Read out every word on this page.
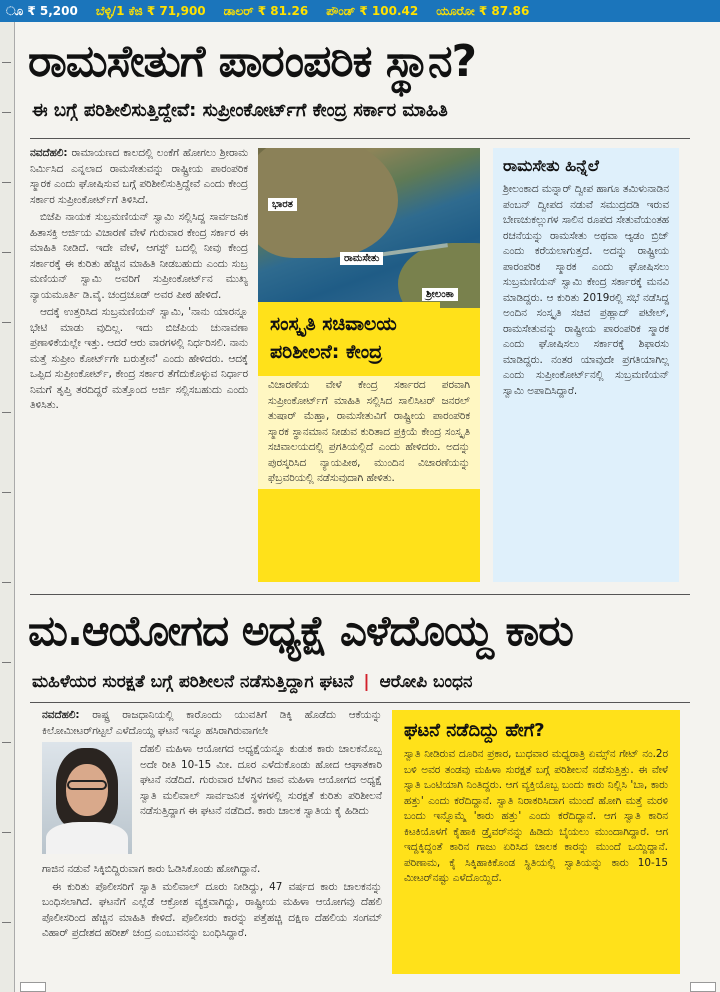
ೂ ₹ 5,200 ಬೆಳ್ಳಿ/1 ಕೆಜಿ ₹ 71,900 ಡಾಲರ್ ₹ 81.26 ಪೌಂಡ್ ₹ 100.42 ಯೂರೋ ₹ 87.86
ರಾಮಸೇತುಗೆ ಪಾರಂಪರಿಕ ಸ್ಥಾನ?
ಈ ಬಗ್ಗೆ ಪರಿಶೀಲಿಸುತ್ತಿದ್ದೇವೆ: ಸುಪ್ರೀಂಕೋರ್ಟ್‌ಗೆ ಕೇಂದ್ರ ಸರ್ಕಾರ ಮಾಹಿತಿ

ನವದೆಹಲಿ: ರಾಮಾಯಣದ ಕಾಲದಲ್ಲಿ ಲಂಕೆಗೆ ಹೋಗಲು ಶ್ರೀರಾಮ ನಿರ್ಮಿಸಿದ ಎನ್ನಲಾದ ರಾಮಸೇತುವನ್ನು ರಾಷ್ಟ್ರೀಯ ಪಾರಂಪರಿಕ ಸ್ಮಾರಕ ಎಂದು ಘೋಷಿಸುವ ಬಗ್ಗೆ ಪರಿಶೀಲಿಸುತ್ತಿದ್ದೇವೆ ಎಂದು ಕೇಂದ್ರ ಸರ್ಕಾರ ಸುಪ್ರೀಂಕೋರ್ಟ್‌ಗೆ ತಿಳಿಸಿದೆ.

ಬಿಜೆಪಿ ನಾಯಕ ಸುಬ್ರಮಣಿಯನ್ ಸ್ವಾಮಿ ಸಲ್ಲಿಸಿದ್ದ ಸಾರ್ವಜನಿಕ ಹಿತಾಸಕ್ತಿ ಅರ್ಜಿಯ ವಿಚಾರಣೆ ವೇಳೆ ಗುರುವಾರ ಕೇಂದ್ರ ಸರ್ಕಾರ ಈ ಮಾಹಿತಿ ನೀಡಿದೆ. ಇದೇ ವೇಳೆ, ಆಗಸ್ಟ್ ಬದಲ್ಲಿ ನೀವು ಕೇಂದ್ರ ಸರ್ಕಾರಕ್ಕೆ ಈ ಕುರಿತು ಹೆಚ್ಚಿನ ಮಾಹಿತಿ ನೀಡಬಹುದು ಎಂದು ಸುಬ್ರ ಮಣಿಯನ್ ಸ್ವಾಮಿ ಅವರಿಗೆ ಸುಪ್ರೀಂಕೋರ್ಟ್‌ನ ಮುಖ್ಯ ನ್ಯಾಯಮೂರ್ತಿ ಡಿ.ವೈ. ಚಂದ್ರಚೂಡ್ ಅವರ ಪೀಠ ಹೇಳಿದೆ.

ಆದಕ್ಕೆ ಉತ್ತರಿಸಿದ ಸುಬ್ರಮಣಿಯನ್ ಸ್ವಾಮಿ, 'ನಾನು ಯಾರನ್ನೂ ಭೇಟಿ ಮಾಡು ವುದಿಲ್ಲ. ಇದು ಬಿಜೆಪಿಯ ಚುನಾವಣಾ ಪ್ರಣಾಳಿಕೆಯಲ್ಲೇ ಇತ್ತು. ಆದರೆ ಆರು ವಾರಗಳಲ್ಲಿ ನಿರ್ಧರಿಸಲಿ. ನಾನು ಮತ್ತೆ ಸುಪ್ರೀಂ ಕೋರ್ಟ್‌ಗೇ ಬರುತ್ತೇನೆ' ಎಂದು ಹೇಳಿದರು. ಆದಕ್ಕೆ ಒಪ್ಪಿದ ಸುಪ್ರೀಂಕೋರ್ಟ್, ಕೇಂದ್ರ ಸರ್ಕಾರ ತೆಗೆದುಕೊಳ್ಳುವ ನಿರ್ಧಾರ ನಿಮಗೆ ತೃಪ್ತಿ ತರದಿದ್ದರೆ ಮತ್ತೊಂದ ಅರ್ಜಿ ಸಲ್ಲಿಸಬಹುದು ಎಂದು ತಿಳಿಸಿತು.

ಭಾರತ
ರಾಮಸೇತು
ಶ್ರೀಲಂಕಾ
ಸಂಸ್ಕೃತಿ ಸಚಿವಾಲಯ ಪರಿಶೀಲನೆ: ಕೇಂದ್ರ
ವಿಚಾರಣೆಯ ವೇಳೆ ಕೇಂದ್ರ ಸರ್ಕಾರದ ಪರವಾಗಿ ಸುಪ್ರೀಂಕೋರ್ಟ್‌ಗೆ ಮಾಹಿತಿ ಸಲ್ಲಿಸಿದ ಸಾಲಿಸಿಟರ್ ಜನರಲ್ ತುಷಾರ್ ಮೆಹ್ತಾ, ರಾಮಸೇತುವಿಗೆ ರಾಷ್ಟ್ರೀಯ ಪಾರಂಪರಿಕ ಸ್ಮಾರಕ ಸ್ಥಾನಮಾನ ನೀಡುವ ಕುರಿತಾದ ಪ್ರಕ್ರಿಯೆ ಕೇಂದ್ರ ಸಂಸ್ಕೃತಿ ಸಚಿವಾಲಯದಲ್ಲಿ ಪ್ರಗತಿಯಲ್ಲಿದೆ ಎಂದು ಹೇಳಿದರು. ಅದನ್ನು ಪುರಸ್ಕರಿಸಿದ ನ್ಯಾಯಪೀಠ, ಮುಂದಿನ ವಿಚಾರಣೆಯನ್ನು ಫೆಬ್ರವರಿಯಲ್ಲಿ ನಡೆಸುವುದಾಗಿ ಹೇಳಿತು.
ರಾಮಸೇತು ಹಿನ್ನೆಲೆ
ಶ್ರೀಲಂಕಾದ ಮನ್ನಾರ್ ದ್ವೀಪ ಹಾಗೂ ತಮಿಳುನಾಡಿನ ಪಂಬನ್ ದ್ವೀಪದ ನಡುವೆ ಸಮುದ್ರದಡಿ ಇರುವ ಬೇಣಚುಕಲ್ಲುಗಳ ಸಾಲಿನ ರೂಪದ ಸೇತುವೆಯಂತಹ ರಚನೆಯನ್ನು ರಾಮಸೇತು ಅಥವಾ ಆ್ಯಡಂ ಬ್ರಿಜ್ ಎಂದು ಕರೆಯಲಾಗುತ್ತದೆ. ಅದನ್ನು ರಾಷ್ಟ್ರೀಯ ಪಾರಂಪರಿಕ ಸ್ಮಾರಕ ಎಂದು ಘೋಷಿಸಲು ಸುಬ್ರಮಣಿಯನ್ ಸ್ವಾಮಿ ಕೇಂದ್ರ ಸರ್ಕಾರಕ್ಕೆ ಮನವಿ ಮಾಡಿದ್ದರು. ಆ ಕುರಿತು 2019ರಲ್ಲಿ ಸಭೆ ನಡೆಸಿದ್ದ ಅಂದಿನ ಸಂಸ್ಕೃತಿ ಸಚಿವ ಪ್ರಹ್ಲಾದ್ ಪಟೇಲ್, ರಾಮಸೇತುವನ್ನು ರಾಷ್ಟ್ರೀಯ ಪಾರಂಪರಿಕ ಸ್ಮಾರಕ ಎಂದು ಘೋಷಿಸಲು ಸರ್ಕಾರಕ್ಕೆ ಶಿಫಾರಸು ಮಾಡಿದ್ದರು. ನಂತರ ಯಾವುದೇ ಪ್ರಗತಿಯಾಗಿಲ್ಲ ಎಂದು ಸುಪ್ರೀಂಕೋರ್ಟ್‌ನಲ್ಲಿ ಸುಬ್ರಮಣಿಯನ್ ಸ್ವಾಮಿ ಅಪಾದಿಸಿದ್ದಾರೆ.
ಮ.ಆಯೋಗದ ಅಧ್ಯಕ್ಷೆ ಎಳೆದೊಯ್ದ ಕಾರು
ಮಹಿಳೆಯರ ಸುರಕ್ಷತೆ ಬಗ್ಗೆ ಪರಿಶೀಲನೆ ನಡೆಸುತ್ತಿದ್ದಾಗ ಘಟನೆ | ಆರೋಪಿ ಬಂಧನ

ನವದೆಹಲಿ: ರಾಷ್ಟ್ರ ರಾಜಧಾನಿಯಲ್ಲಿ ಕಾರೊಂದು ಯುವತಿಗೆ ಡಿಕ್ಕಿ ಹೊಡೆದು ಆಕೆಯನ್ನು ಕಿಲೋಮೀಟರ್‌ಗಟ್ಟಲೆ ಎಳೆದೊಯ್ದ ಘಟನೆ ಇನ್ನೂ ಹಸಿರಾಗಿರುವಾಗಲೇ

ದೆಹಲಿ ಮಹಿಳಾ ಆಯೋಗದ ಅಧ್ಯಕ್ಷೆಯನ್ನೂ ಕುಡುಕ ಕಾರು ಚಾಲಕನೊಬ್ಬ ಅದೇ ರೀತಿ 10-15 ಮೀ. ದೂರ ಎಳೆದುಕೊಂಡು ಹೋದ ಆಘಾತಕಾರಿ ಘಟನೆ ನಡೆದಿದೆ. ಗುರುವಾರ ಬೆಳಗಿನ ಜಾವ ಮಹಿಳಾ ಆಯೋಗದ ಅಧ್ಯಕ್ಷೆ ಸ್ವಾತಿ ಮಲಿವಾಲ್ ಸಾರ್ವಜನಿಕ ಸ್ಥಳಗಳಲ್ಲಿ ಸುರಕ್ಷತೆ ಕುರಿತು ಪರಿಶೀಲನೆ ನಡೆಸುತ್ತಿದ್ದಾಗ ಈ ಘಟನೆ ನಡೆದಿದೆ. ಕಾರು ಚಾಲಕ ಸ್ವಾತಿಯ ಕೈ ಹಿಡಿದು

ಗಾಜಿನ ನಡುವೆ ಸಿಕ್ಕಿಬಿದ್ದಿರುವಾಗ ಕಾರು ಓಡಿಸಿಕೊಂಡು ಹೋಗಿದ್ದಾನೆ.

ಈ ಕುರಿತು ಪೊಲೀಸರಿಗೆ ಸ್ವಾತಿ ಮಲಿವಾಲ್ ದೂರು ನೀಡಿದ್ದು, 47 ವರ್ಷದ ಕಾರು ಚಾಲಕನನ್ನು ಬಂಧಿಸಲಾಗಿದೆ. ಘಟನೆಗೆ ಎಲ್ಲೆಡೆ ಆಕ್ರೋಶ ವ್ಯಕ್ತವಾಗಿದ್ದು, ರಾಷ್ಟ್ರೀಯ ಮಹಿಳಾ ಆಯೋಗವು ದೆಹಲಿ ಪೊಲೀಸರಿಂದ ಹೆಚ್ಚಿನ ಮಾಹಿತಿ ಕೇಳಿದೆ. ಪೊಲೀಸರು ಕಾರನ್ನು ಪತ್ತೆಹಚ್ಚಿ ದಕ್ಷಿಣ ದೆಹಲಿಯ ಸಂಗಮ್ ವಿಹಾರ್ ಪ್ರದೇಶದ ಹರೀಶ್ ಚಂದ್ರ ಎಂಬುವನನ್ನು ಬಂಧಿಸಿದ್ದಾರೆ.

ಘಟನೆ ನಡೆದಿದ್ದು ಹೇಗೆ?
ಸ್ವಾತಿ ನೀಡಿರುವ ದೂರಿನ ಪ್ರಕಾರ, ಬುಧವಾರ ಮಧ್ಯರಾತ್ರಿ ಏಮ್ಸ್‌ನ ಗೇಟ್ ನಂ.2ರ ಬಳಿ ಅವರ ತಂಡವು ಮಹಿಳಾ ಸುರಕ್ಷತೆ ಬಗ್ಗೆ ಪರಿಶೀಲನೆ ನಡೆಸುತ್ತಿತ್ತು. ಈ ವೇಳೆ ಸ್ವಾತಿ ಒಂಟಿಯಾಗಿ ನಿಂತಿದ್ದರು. ಆಗ ವ್ಯಕ್ತಿಯೊಬ್ಬ ಬಂದು ಕಾರು ನಿಲ್ಲಿಸಿ 'ಬಾ, ಕಾರು ಹತ್ತು' ಎಂದು ಕರೆದಿದ್ದಾನೆ. ಸ್ವಾತಿ ನಿರಾಕರಿಸಿದಾಗ ಮುಂದೆ ಹೋಗಿ ಮತ್ತೆ ಮರಳಿ ಬಂದು ಇನ್ನೊಮ್ಮೆ 'ಕಾರು ಹತ್ತು' ಎಂದು ಕರೆದಿದ್ದಾನೆ. ಆಗ ಸ್ವಾತಿ ಕಾರಿನ ಕಿಟಕಿಯೊಳಗೆ ಕೈಹಾಕಿ ಡ್ರೈವರ್‌ನನ್ನು ಹಿಡಿದು ಬೈಯಲು ಮುಂದಾಗಿದ್ದಾರೆ. ಆಗ ಇದ್ದಕ್ಕಿದ್ದಂತೆ ಕಾರಿನ ಗಾಜು ಏರಿಸಿದ ಚಾಲಕ ಕಾರನ್ನು ಮುಂದೆ ಒಯ್ದಿದ್ದಾನೆ. ಪರಿಣಾಮ, ಕೈ ಸಿಕ್ಕಿಹಾಕಿಕೊಂಡ ಸ್ಥಿತಿಯಲ್ಲಿ ಸ್ವಾತಿಯನ್ನು ಕಾರು 10-15 ಮೀಟರ್‌ನಷ್ಟು ಎಳೆದೊಯ್ದಿದೆ.
